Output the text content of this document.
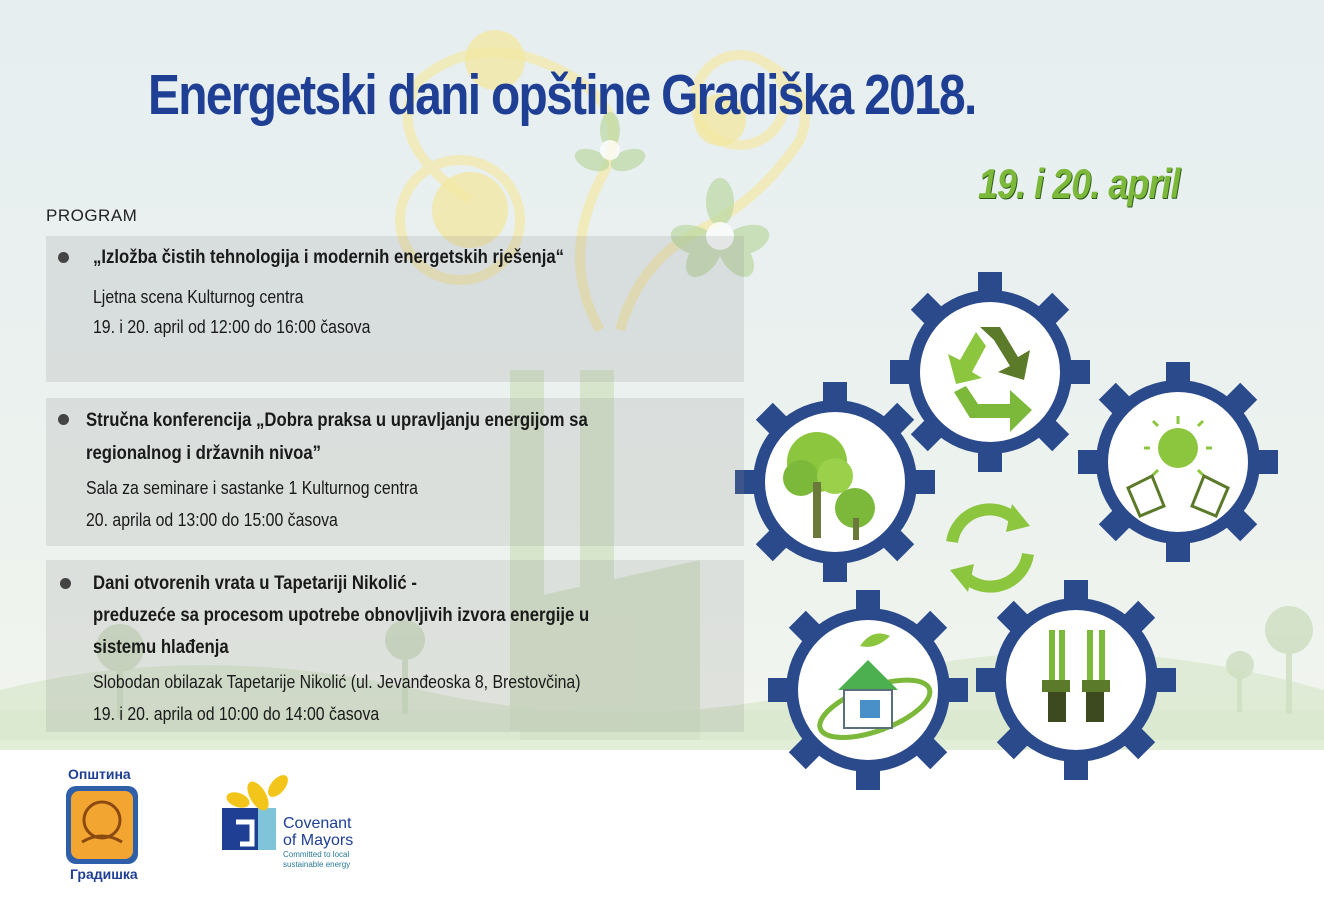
Energetski dani opštine Gradiška 2018.
19. i 20. april
PROGRAM

„Izložba čistih tehnologija i modernih energetskih rješenja“

Ljetna scena Kulturnog centra

19. i 20. april od 12:00 do 16:00 časova

Stručna konferencija „Dobra praksa u upravljanju energijom sa

regionalnog i državnih nivoa”

Sala za seminare i sastanke 1 Kulturnog centra

20. aprila od 13:00 do 15:00 časova

Dani otvorenih vrata u Tapetariji Nikolić -

preduzeće sa procesom upotrebe obnovljivih izvora energije u

sistemu hlađenja

Slobodan obilazak Tapetarije Nikolić (ul. Jevanđeoska 8, Brestovčina)

19. i 20. aprila od 10:00 do 14:00 časova

Општина
Градишка
Covenant
of Mayors
Committed to local
sustainable energy
